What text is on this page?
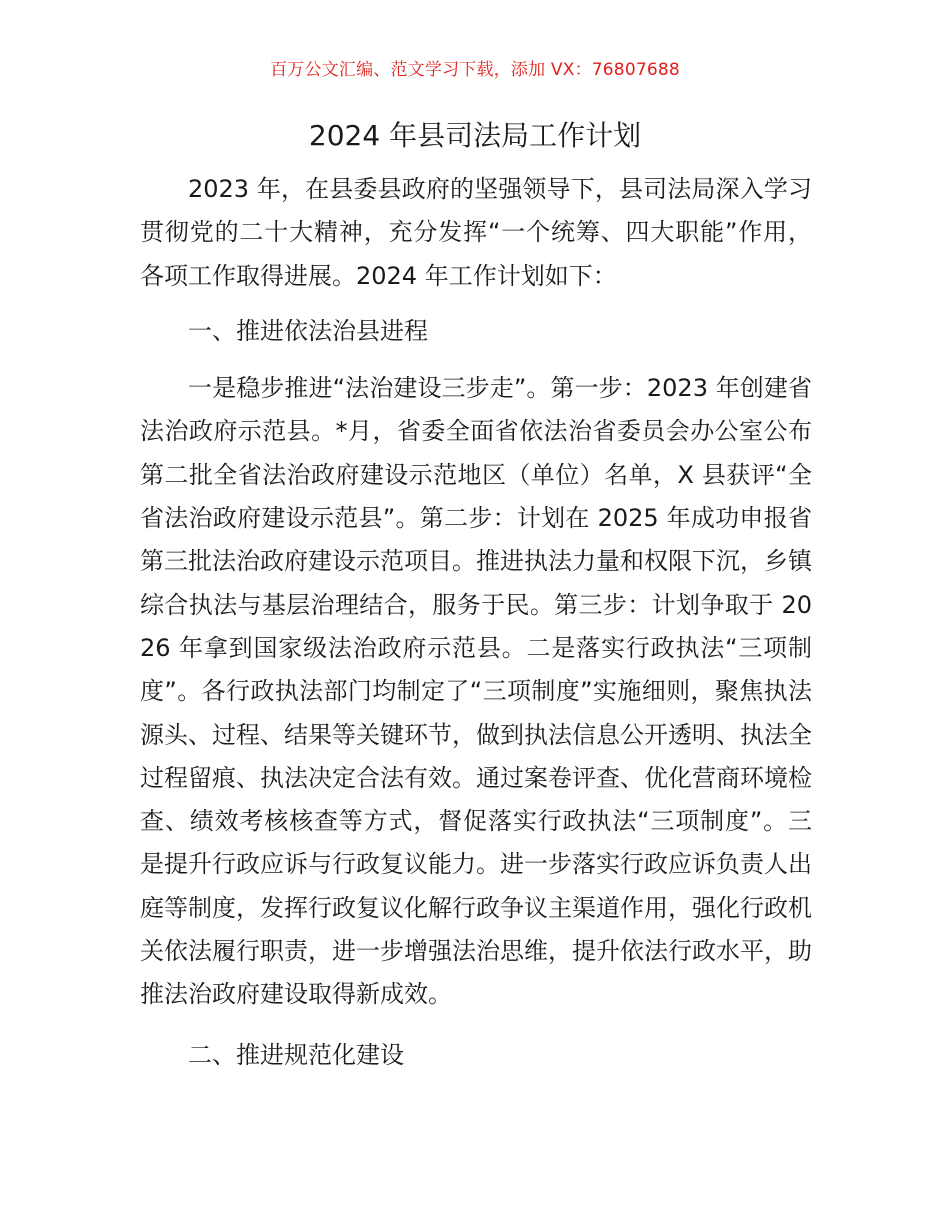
百万公文汇编、范文学习下载，添加 VX：76807688
2024 年县司法局工作计划

2023 年，在县委县政府的坚强领导下，县司法局深入学习贯彻党的二十大精神，充分发挥“一个统筹、四大职能”作用，各项工作取得进展。2024 年工作计划如下：

一、推进依法治县进程

一是稳步推进“法治建设三步走”。第一步：2023 年创建省法治政府示范县。*月，省委全面省依法治省委员会办公室公布第二批全省法治政府建设示范地区（单位）名单，X 县获评“全省法治政府建设示范县”。第二步：计划在 2025 年成功申报省第三批法治政府建设示范项目。推进执法力量和权限下沉，乡镇综合执法与基层治理结合，服务于民。第三步：计划争取于 2026 年拿到国家级法治政府示范县。二是落实行政执法“三项制度”。各行政执法部门均制定了“三项制度”实施细则，聚焦执法源头、过程、结果等关键环节，做到执法信息公开透明、执法全过程留痕、执法决定合法有效。通过案卷评查、优化营商环境检查、绩效考核核查等方式，督促落实行政执法“三项制度”。三是提升行政应诉与行政复议能力。进一步落实行政应诉负责人出庭等制度，发挥行政复议化解行政争议主渠道作用，强化行政机关依法履行职责，进一步增强法治思维，提升依法行政水平，助推法治政府建设取得新成效。

二、推进规范化建设
